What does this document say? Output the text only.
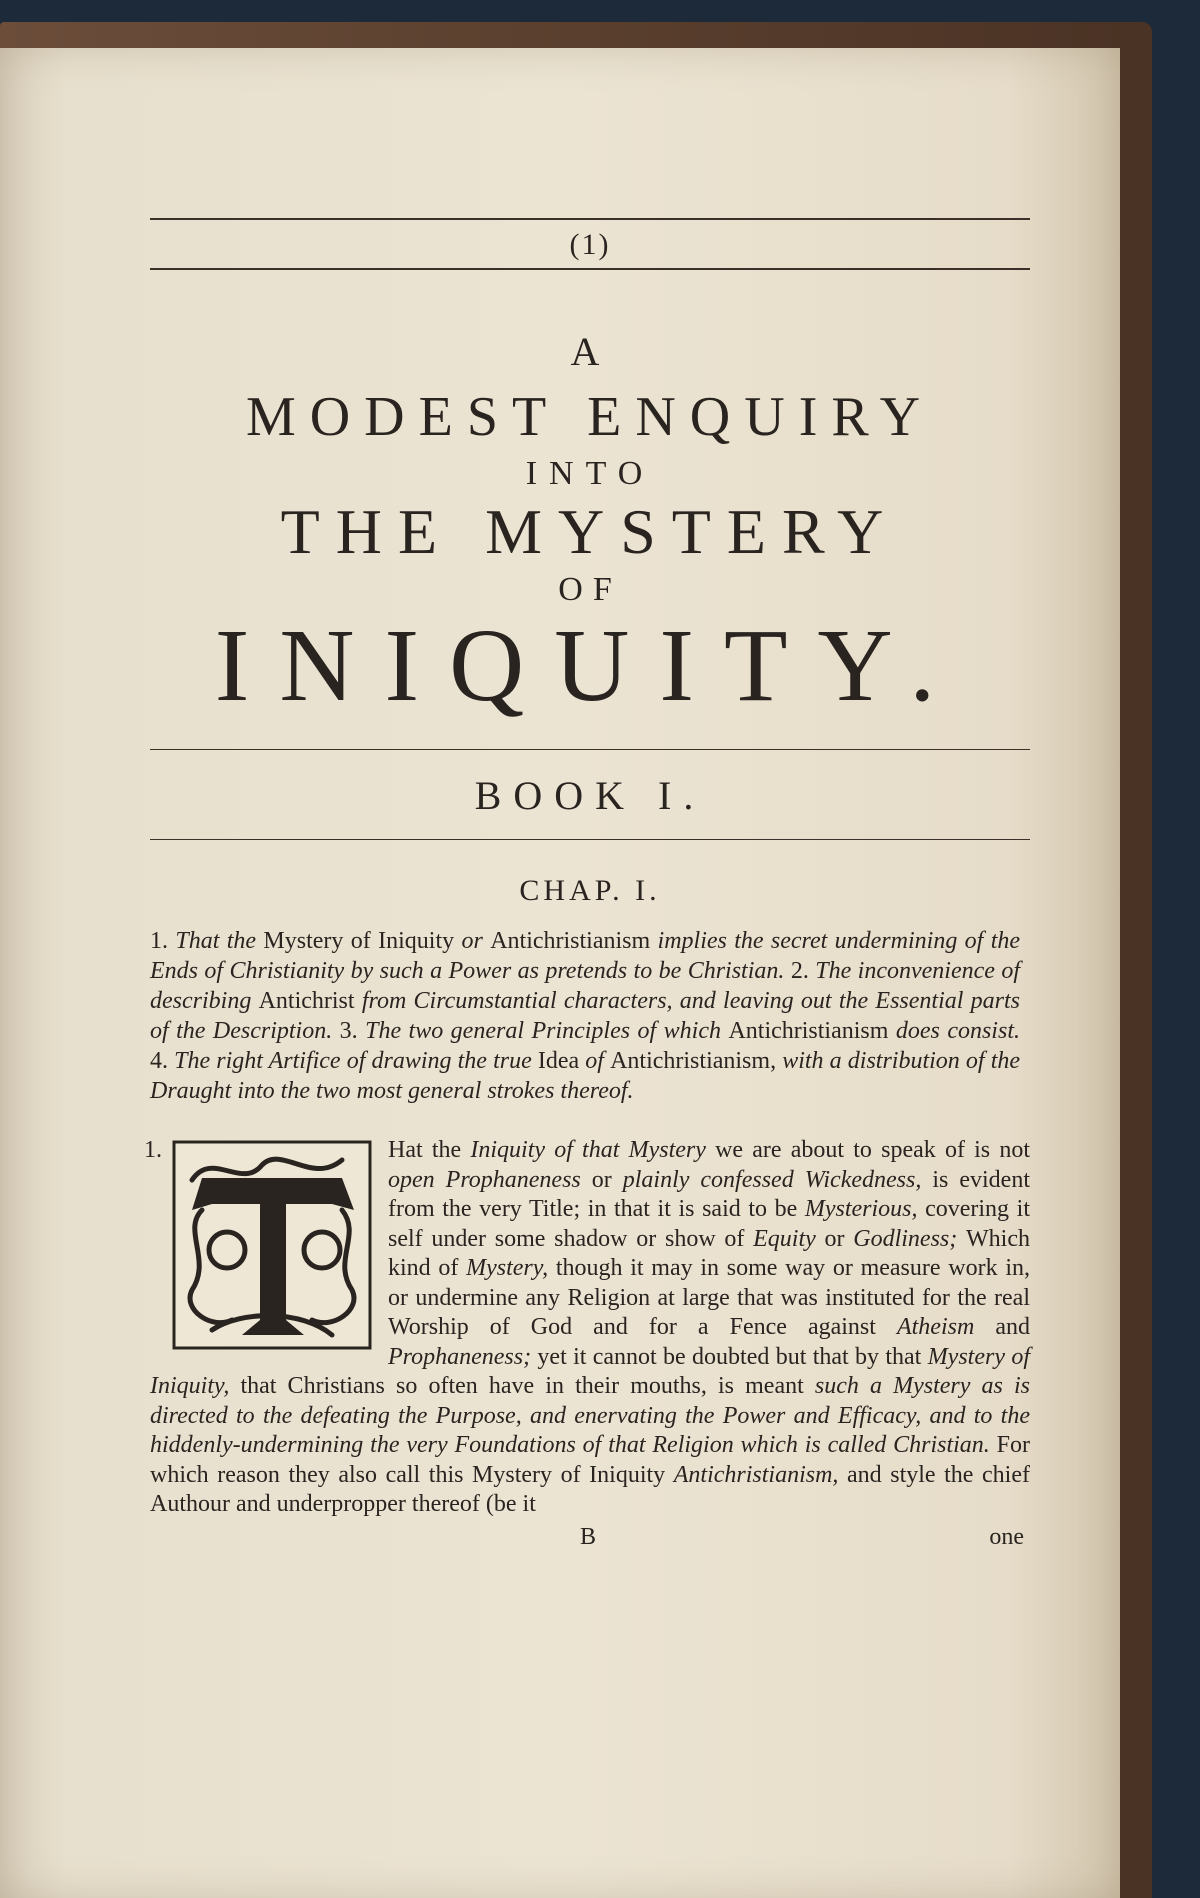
(1)
A
MODEST ENQUIRY
INTO
THE MYSTERY
OF
INIQUITY.
BOOK I.
CHAP. I.
1. That the Mystery of Iniquity or Antichristianism implies the secret undermining of the Ends of Christianity by such a Power as pretends to be Christian. 2. The inconvenience of describing Antichrist from Circumstantial characters, and leaving out the Essential parts of the Description. 3. The two general Principles of which Antichristianism does consist. 4. The right Artifice of drawing the true Idea of Antichristianism, with a distribution of the Draught into the two most general strokes thereof.
1.	Hat the Iniquity of that Mystery we are about to speak of is not open Prophaneness or plainly confessed Wickedness, is evident from the very Title; in that it is said to be Mysterious, covering it self under some shadow or show of Equity or Godliness; Which kind of Mystery, though it may in some way or measure work in, or undermine any Religion at large that was instituted for the real Worship of God and for a Fence against Atheism and Prophaneness; yet it cannot be doubted but that by that Mystery of Iniquity, that Christians so often have in their mouths, is meant such a Mystery as is directed to the defeating the Purpose, and enervating the Power and Efficacy, and to the hiddenly-undermining the very Foundations of that Religion which is called Christian. For which reason they also call this Mystery of Iniquity Antichristianism, and style the chief Authour and underpropper thereof (be it
B	one
